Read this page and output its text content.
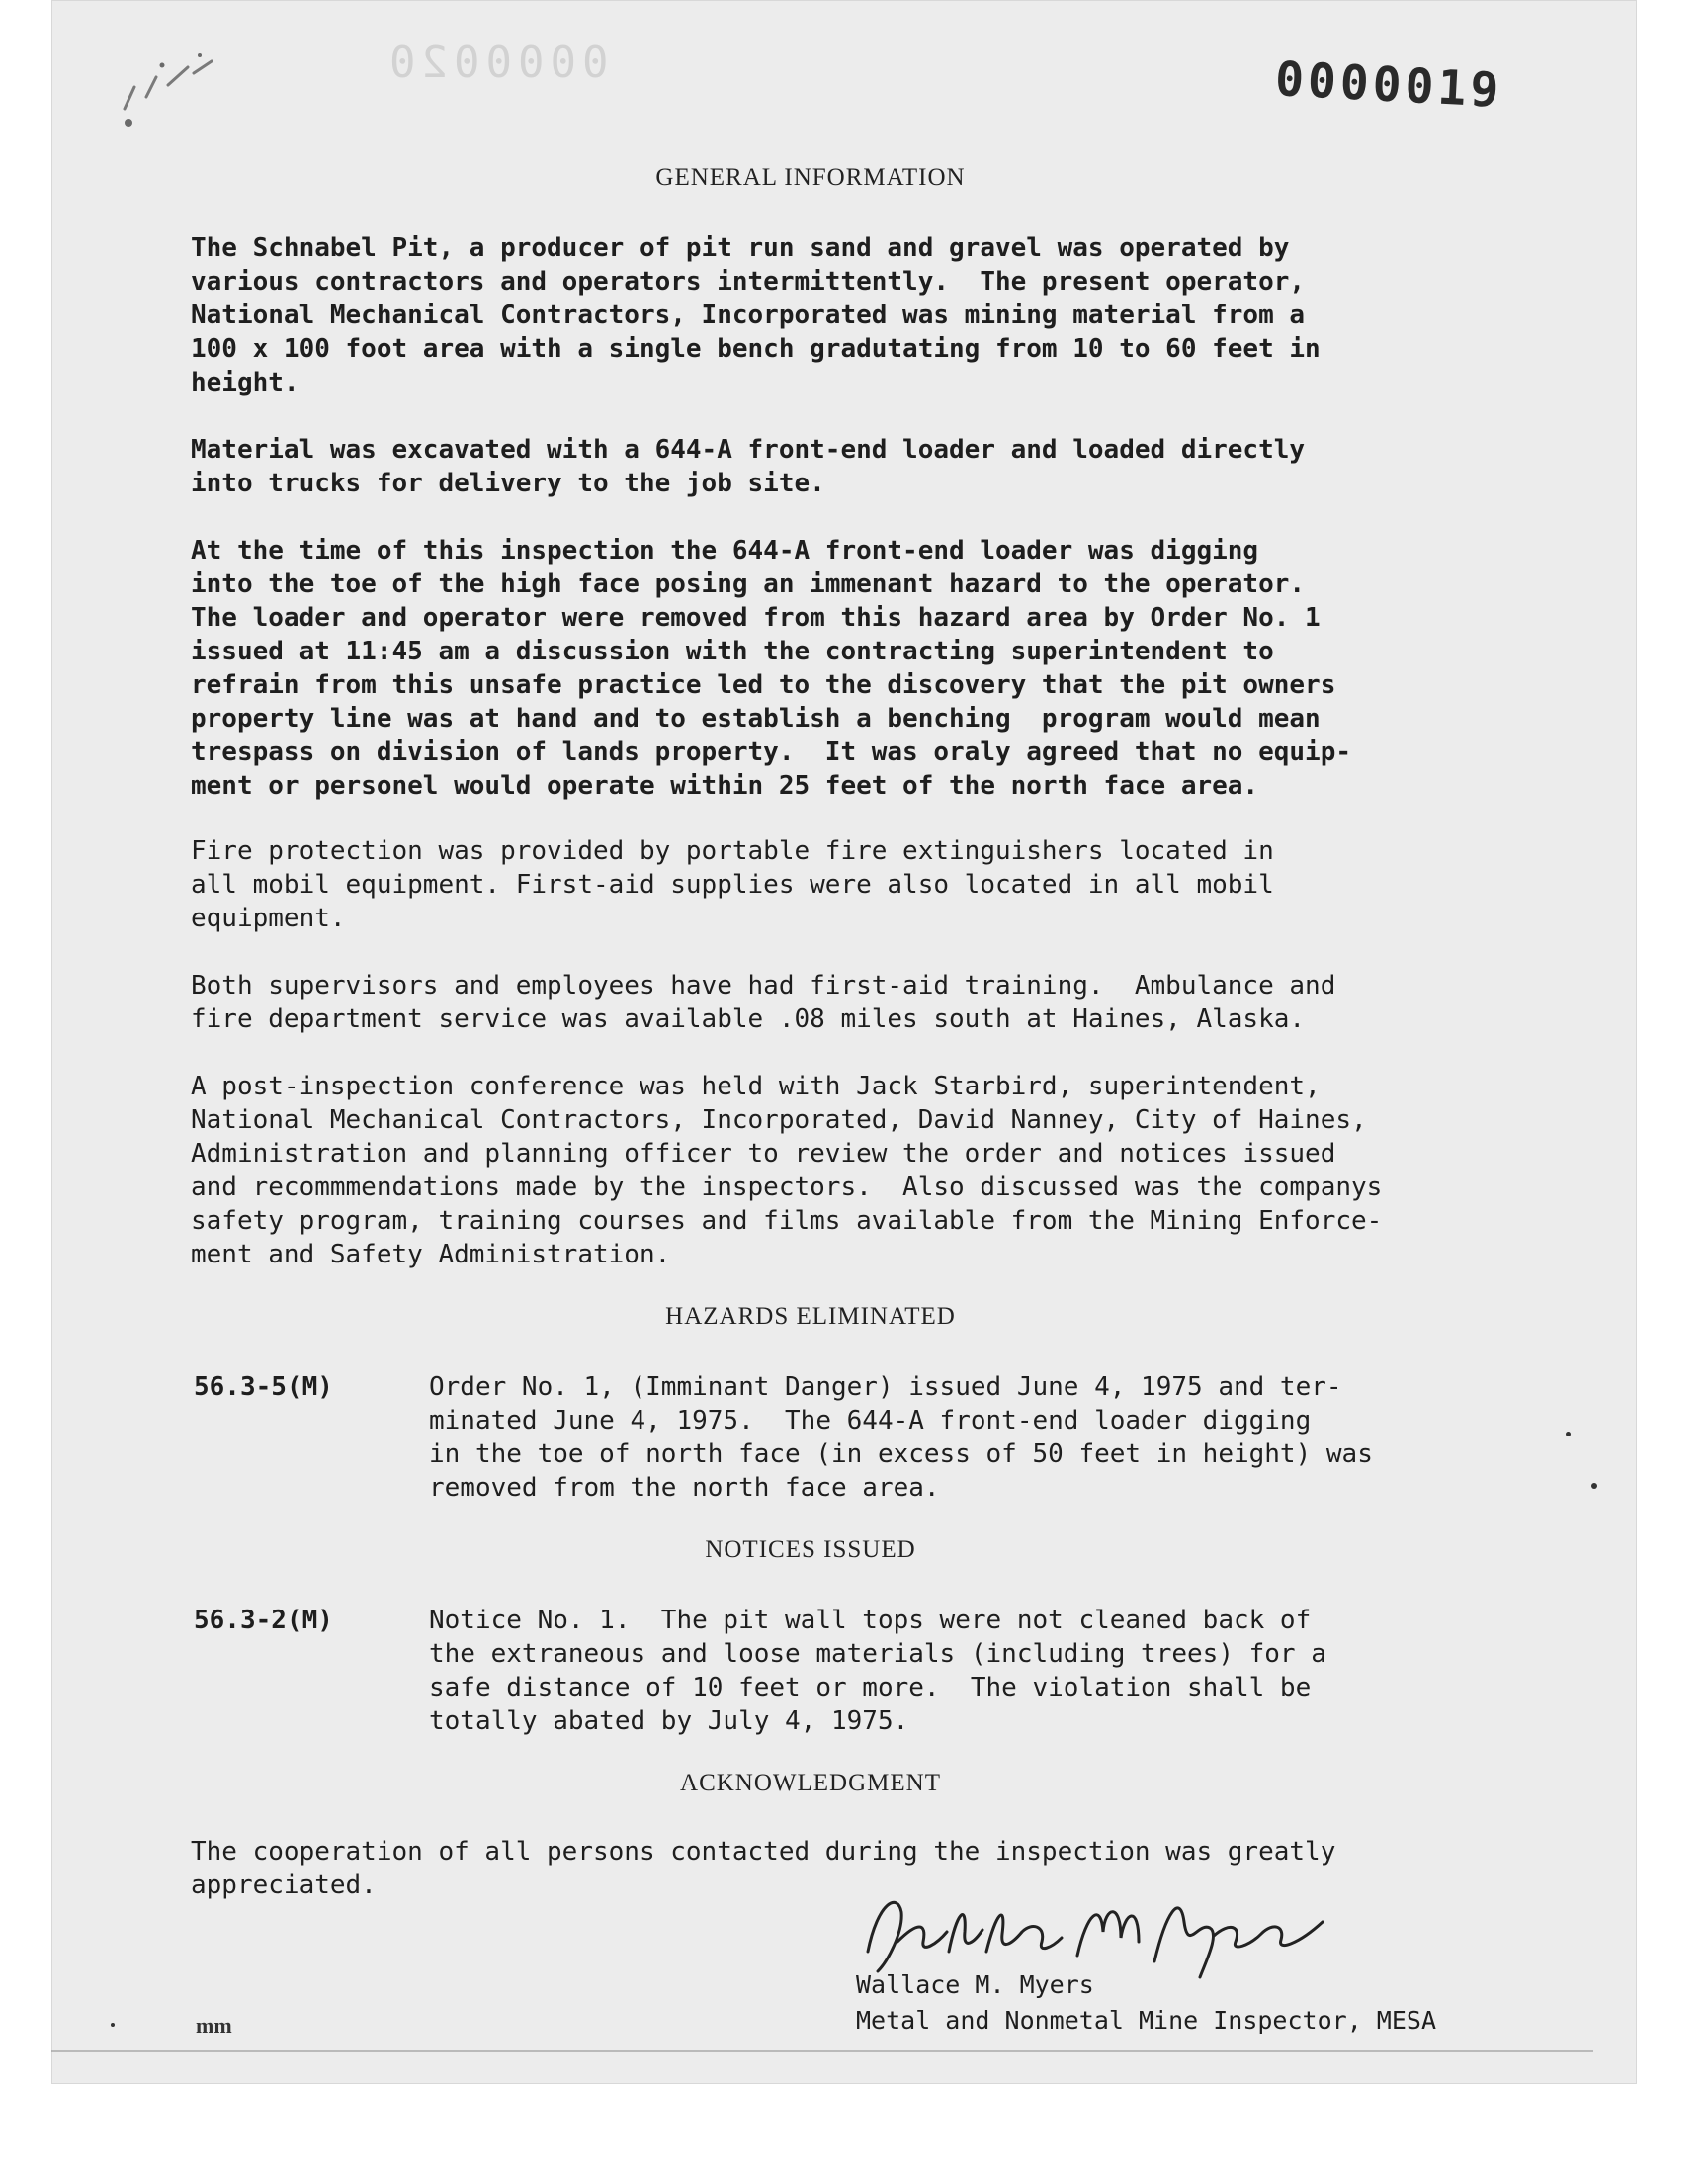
0000020	0000019
GENERAL INFORMATION
The Schnabel Pit, a producer of pit run sand and gravel was operated by
various contractors and operators intermittently.  The present operator,
National Mechanical Contractors, Incorporated was mining material from a
100 x 100 foot area with a single bench gradutating from 10 to 60 feet in
height.
Material was excavated with a 644-A front-end loader and loaded directly
into trucks for delivery to the job site.
At the time of this inspection the 644-A front-end loader was digging
into the toe of the high face posing an immenant hazard to the operator.
The loader and operator were removed from this hazard area by Order No. 1
issued at 11:45 am a discussion with the contracting superintendent to
refrain from this unsafe practice led to the discovery that the pit owners
property line was at hand and to establish a benching  program would mean
trespass on division of lands property.  It was oraly agreed that no equip-
ment or personel would operate within 25 feet of the north face area.
Fire protection was provided by portable fire extinguishers located in
all mobil equipment. First-aid supplies were also located in all mobil
equipment.
Both supervisors and employees have had first-aid training.  Ambulance and
fire department service was available .08 miles south at Haines, Alaska.
A post-inspection conference was held with Jack Starbird, superintendent,
National Mechanical Contractors, Incorporated, David Nanney, City of Haines,
Administration and planning officer to review the order and notices issued
and recommmendations made by the inspectors.  Also discussed was the companys
safety program, training courses and films available from the Mining Enforce-
ment and Safety Administration.
HAZARDS ELIMINATED
56.3-5(M)	Order No. 1, (Imminant Danger) issued June 4, 1975 and ter-
minated June 4, 1975.  The 644-A front-end loader digging
in the toe of north face (in excess of 50 feet in height) was
removed from the north face area.
NOTICES ISSUED
56.3-2(M)	Notice No. 1.  The pit wall tops were not cleaned back of
the extraneous and loose materials (including trees) for a
safe distance of 10 feet or more.  The violation shall be
totally abated by July 4, 1975.
ACKNOWLEDGMENT
The cooperation of all persons contacted during the inspection was greatly
appreciated.
Wallace M. Myers
Metal and Nonmetal Mine Inspector, MESA
mm
